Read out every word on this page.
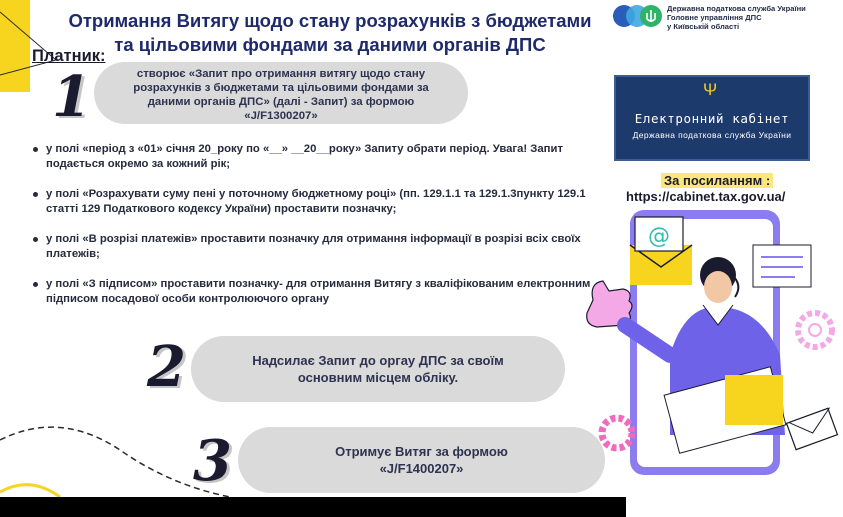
Отримання Витягу щодо стану розрахунків з бюджетами
та цільовими фондами за даними органів ДПС
Платник:
Державна податкова служба України
Головне управління ДПС
у Київській області
1	створює «Запит про отримання витягу щодо стану
розрахунків з бюджетами та цільовими фондами за
даними органів ДПС» (далі - Запит) за формою
«J/F1300207»
у полі «період з «01» січня 20_року по «__» __20__року» Запиту обрати період. Увага! Запит подається окремо за кожний рік;
у полі «Розрахувати суму пені у поточному бюджетному році» (пп. 129.1.1 та 129.1.3пункту 129.1 статті 129 Податкового кодексу України) проставити позначку;
у полі «В розрізі платежів» проставити позначку для отримання інформації в розрізі всіх своїх платежів;
у полі «З підписом» проставити позначку- для отримання Витягу з кваліфікованим електронним підписом посадової особи контролюючого органу
2	Надсилає Запит до оргау ДПС за своїм
основним місцем обліку.
3	Отримує Витяг за формою
«J/F1400207»
Ψ
Електронний кабінет
Державна податкова служба України
За посиланням :
https://cabinet.tax.gov.ua/
@
